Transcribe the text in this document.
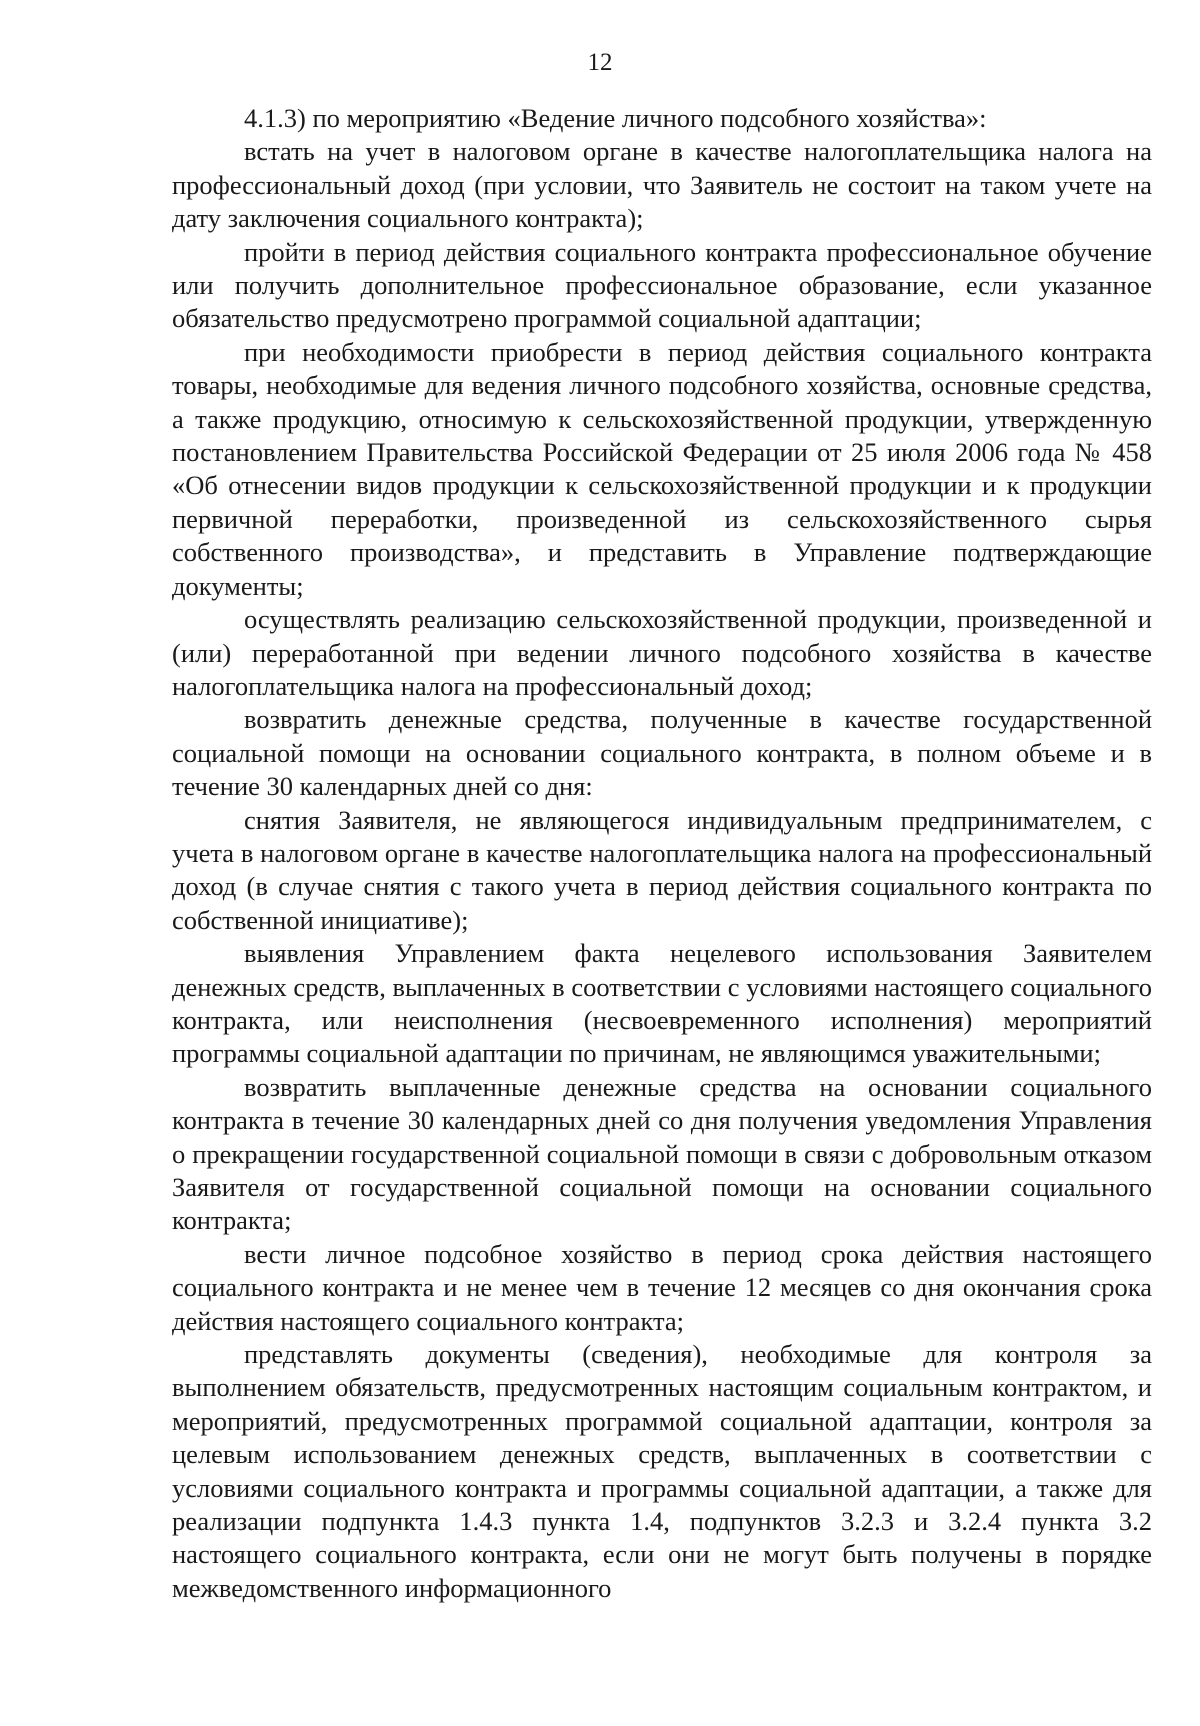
12

4.1.3) по мероприятию «Ведение личного подсобного хозяйства»:

встать на учет в налоговом органе в качестве налогоплательщика налога на профессиональный доход (при условии, что Заявитель не состоит на таком учете на дату заключения социального контракта);

пройти в период действия социального контракта профессиональное обучение или получить дополнительное профессиональное образование, если указанное обязательство предусмотрено программой социальной адаптации;

при необходимости приобрести в период действия социального контракта товары, необходимые для ведения личного подсобного хозяйства, основные средства, а также продукцию, относимую к сельскохозяйственной продукции, утвержденную постановлением Правительства Российской Федерации от 25 июля 2006 года № 458 «Об отнесении видов продукции к сельскохозяйственной продукции и к продукции первичной переработки, произведенной из сельскохозяйственного сырья собственного производства», и представить в Управление подтверждающие документы;

осуществлять реализацию сельскохозяйственной продукции, произведенной и (или) переработанной при ведении личного подсобного хозяйства в качестве налогоплательщика налога на профессиональный доход;

возвратить денежные средства, полученные в качестве государственной социальной помощи на основании социального контракта, в полном объеме и в течение 30 календарных дней со дня:

снятия Заявителя, не являющегося индивидуальным предпринимателем, с учета в налоговом органе в качестве налогоплательщика налога на профессиональный доход (в случае снятия с такого учета в период действия социального контракта по собственной инициативе);

выявления Управлением факта нецелевого использования Заявителем денежных средств, выплаченных в соответствии с условиями настоящего социального контракта, или неисполнения (несвоевременного исполнения) мероприятий программы социальной адаптации по причинам, не являющимся уважительными;

возвратить выплаченные денежные средства на основании социального контракта в течение 30 календарных дней со дня получения уведомления Управления о прекращении государственной социальной помощи в связи с добровольным отказом Заявителя от государственной социальной помощи на основании социального контракта;

вести личное подсобное хозяйство в период срока действия настоящего социального контракта и не менее чем в течение 12 месяцев со дня окончания срока действия настоящего социального контракта;

представлять документы (сведения), необходимые для контроля за выполнением обязательств, предусмотренных настоящим социальным контрактом, и мероприятий, предусмотренных программой социальной адаптации, контроля за целевым использованием денежных средств, выплаченных в соответствии с условиями социального контракта и программы социальной адаптации, а также для реализации подпункта 1.4.3 пункта 1.4, подпунктов 3.2.3 и 3.2.4 пункта 3.2 настоящего социального контракта, если они не могут быть получены в порядке межведомственного информационного
